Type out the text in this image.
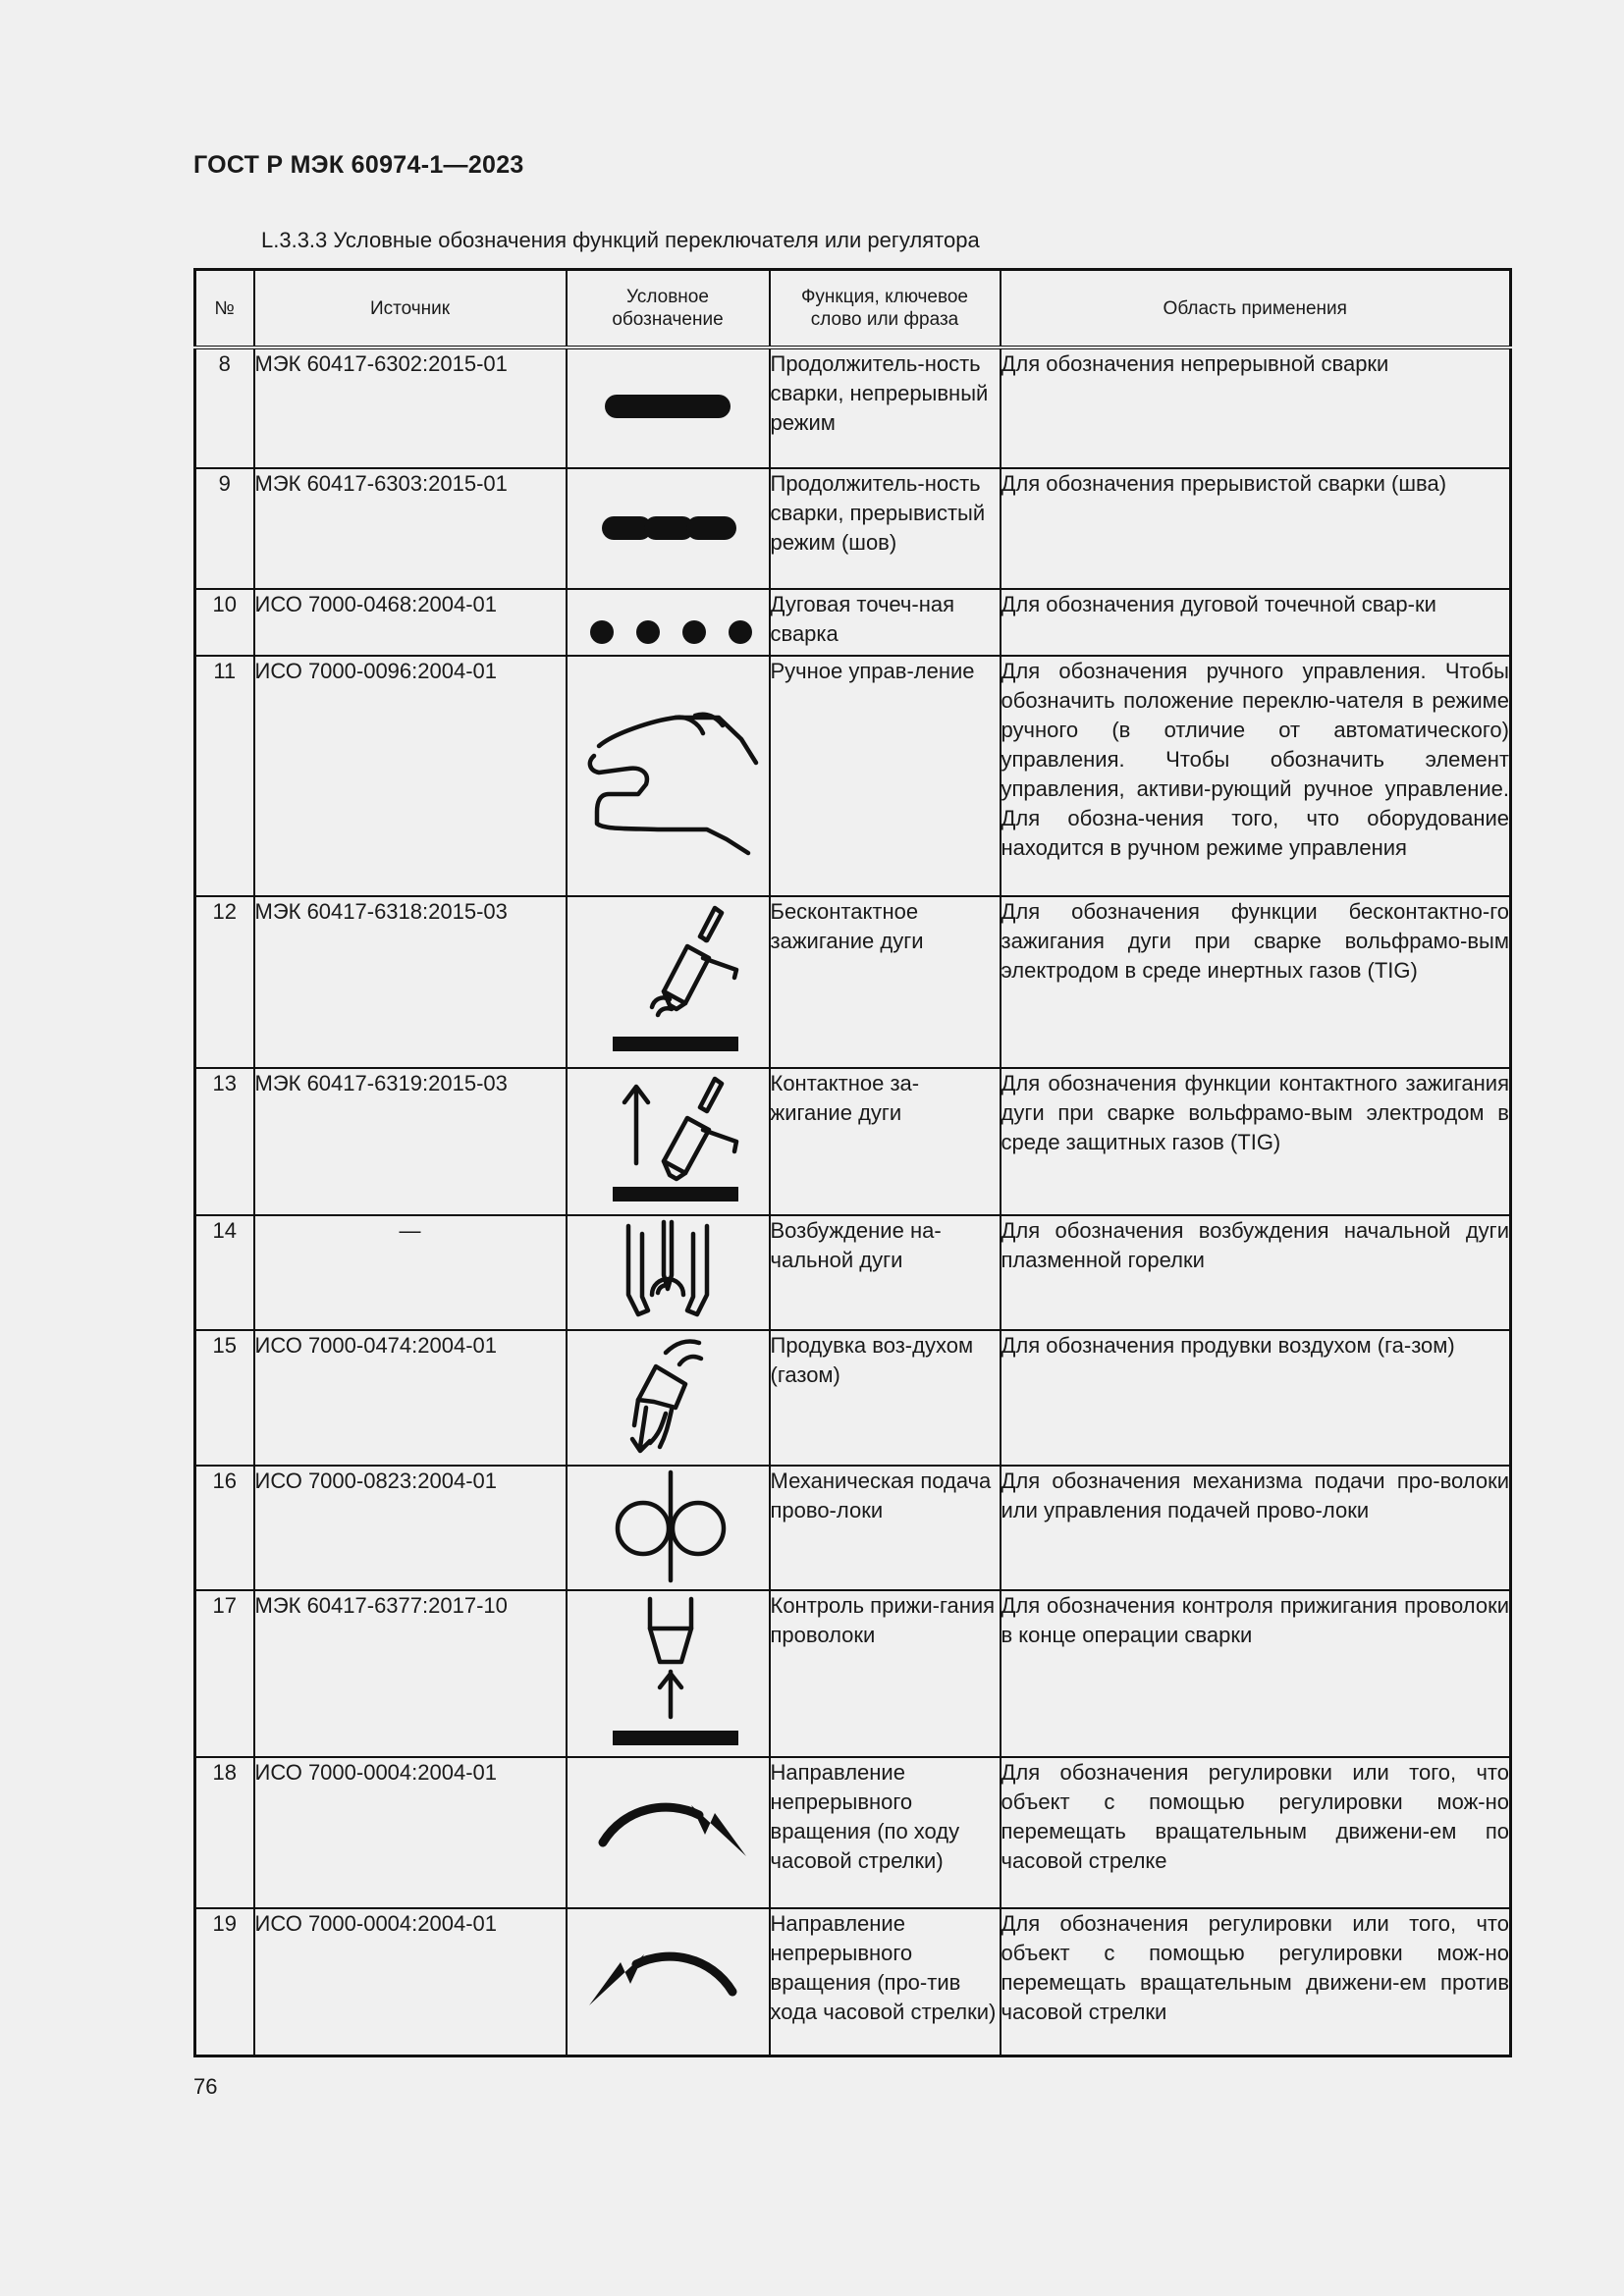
ГОСТ Р МЭК 60974-1—2023
L.3.3.3 Условные обозначения функций переключателя или регулятора
№	Источник	Условное обозначение	Функция, ключевое слово или фраза	Область применения
8	МЭК 60417-6302:2015-01		Продолжитель-ность сварки, непрерывный режим	Для обозначения непрерывной сварки
9	МЭК 60417-6303:2015-01		Продолжитель-ность сварки, прерывистый режим (шов)	Для обозначения прерывистой сварки (шва)
10	ИСО 7000-0468:2004-01		Дуговая точеч-ная сварка	Для обозначения дуговой точечной свар-ки
11	ИСО 7000-0096:2004-01		Ручное управ-ление	Для обозначения ручного управления. Чтобы обозначить положение переклю-чателя в режиме ручного (в отличие от автоматического) управления. Чтобы обозначить элемент управления, активи-рующий ручное управление. Для обозна-чения того, что оборудование находится в ручном режиме управления
12	МЭК 60417-6318:2015-03		Бесконтактное зажигание дуги	Для обозначения функции бесконтактно-го зажигания дуги при сварке вольфрамо-вым электродом в среде инертных газов (TIG)
13	МЭК 60417-6319:2015-03		Контактное за-жигание дуги	Для обозначения функции контактного зажигания дуги при сварке вольфрамо-вым электродом в среде защитных газов (TIG)
14	—		Возбуждение на-чальной дуги	Для обозначения возбуждения начальной дуги плазменной горелки
15	ИСО 7000-0474:2004-01		Продувка воз-духом (газом)	Для обозначения продувки воздухом (га-зом)
16	ИСО 7000-0823:2004-01		Механическая подача прово-локи	Для обозначения механизма подачи про-волоки или управления подачей прово-локи
17	МЭК 60417-6377:2017-10		Контроль прижи-гания проволоки	Для обозначения контроля прижигания проволоки в конце операции сварки
18	ИСО 7000-0004:2004-01		Направление непрерывного вращения (по ходу часовой стрелки)	Для обозначения регулировки или того, что объект с помощью регулировки мож-но перемещать вращательным движени-ем по часовой стрелке
19	ИСО 7000-0004:2004-01		Направление непрерывного вращения (про-тив хода часовой стрелки)	Для обозначения регулировки или того, что объект с помощью регулировки мож-но перемещать вращательным движени-ем против часовой стрелки
76
